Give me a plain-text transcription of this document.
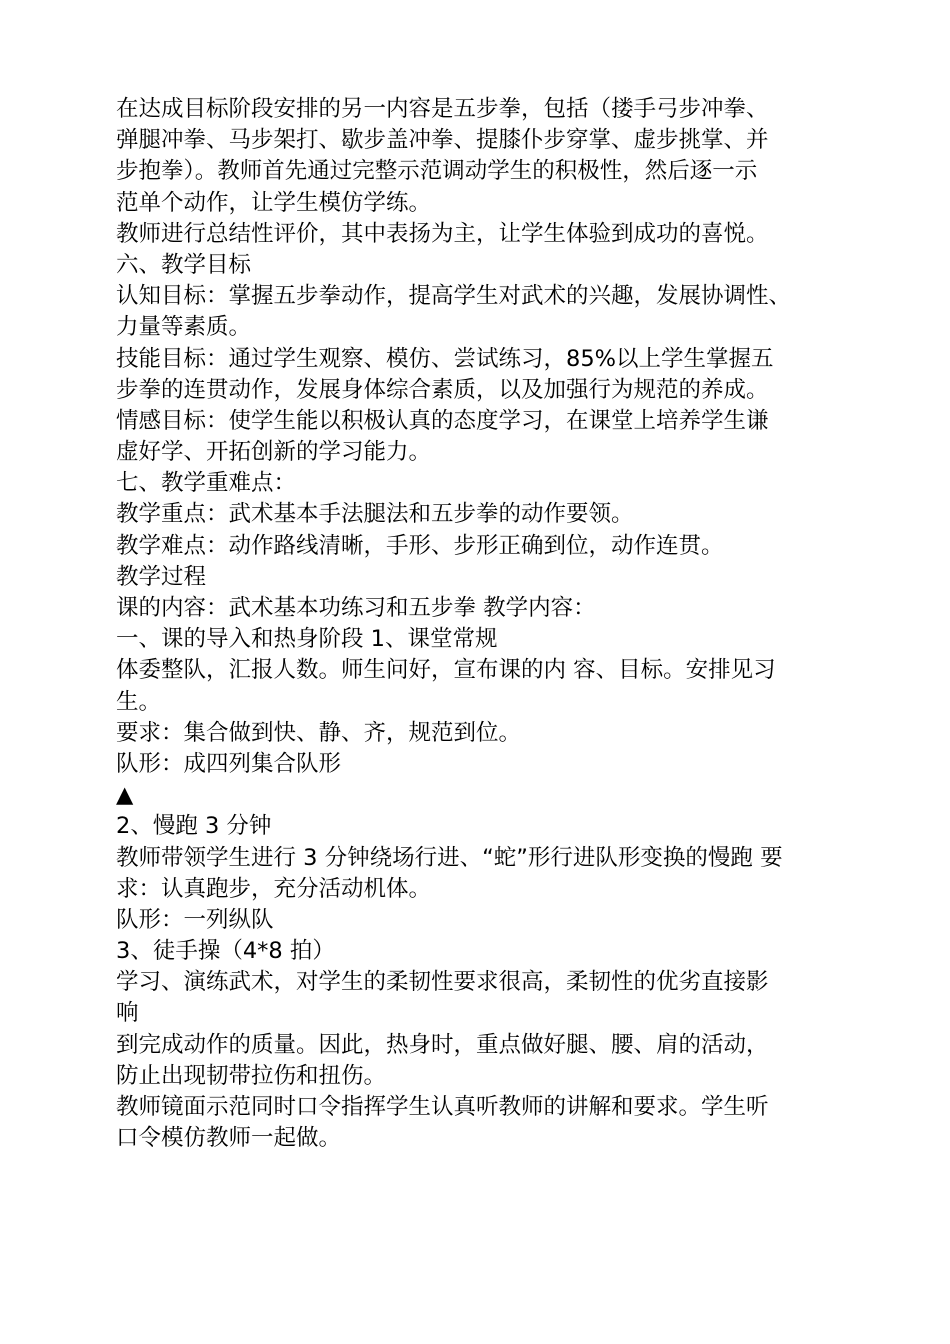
在达成目标阶段安排的另一内容是五步拳，包括（搂手弓步冲拳、
弹腿冲拳、马步架打、歇步盖冲拳、提膝仆步穿掌、虚步挑掌、并
步抱拳）。教师首先通过完整示范调动学生的积极性，然后逐一示
范单个动作，让学生模仿学练。
教师进行总结性评价，其中表扬为主，让学生体验到成功的喜悦。
六、教学目标
认知目标：掌握五步拳动作，提高学生对武术的兴趣，发展协调性、
力量等素质。
技能目标：通过学生观察、模仿、尝试练习，85%以上学生掌握五
步拳的连贯动作，发展身体综合素质，以及加强行为规范的养成。
情感目标：使学生能以积极认真的态度学习，在课堂上培养学生谦
虚好学、开拓创新的学习能力。
七、教学重难点：
教学重点：武术基本手法腿法和五步拳的动作要领。
教学难点：动作路线清晰，手形、步形正确到位，动作连贯。
教学过程
课的内容：武术基本功练习和五步拳 教学内容：
一、课的导入和热身阶段 1、课堂常规
体委整队，汇报人数。师生问好，宣布课的内 容、目标。安排见习
生。
要求：集合做到快、静、齐，规范到位。
队形：成四列集合队形
▲
2、慢跑 3 分钟
教师带领学生进行 3 分钟绕场行进、“蛇”形行进队形变换的慢跑 要
求：认真跑步，充分活动机体。
队形：一列纵队
3、徒手操（4*8 拍）
学习、演练武术，对学生的柔韧性要求很高，柔韧性的优劣直接影
响
到完成动作的质量。因此，热身时，重点做好腿、腰、肩的活动，
防止出现韧带拉伤和扭伤。
教师镜面示范同时口令指挥学生认真听教师的讲解和要求。学生听
口令模仿教师一起做。
